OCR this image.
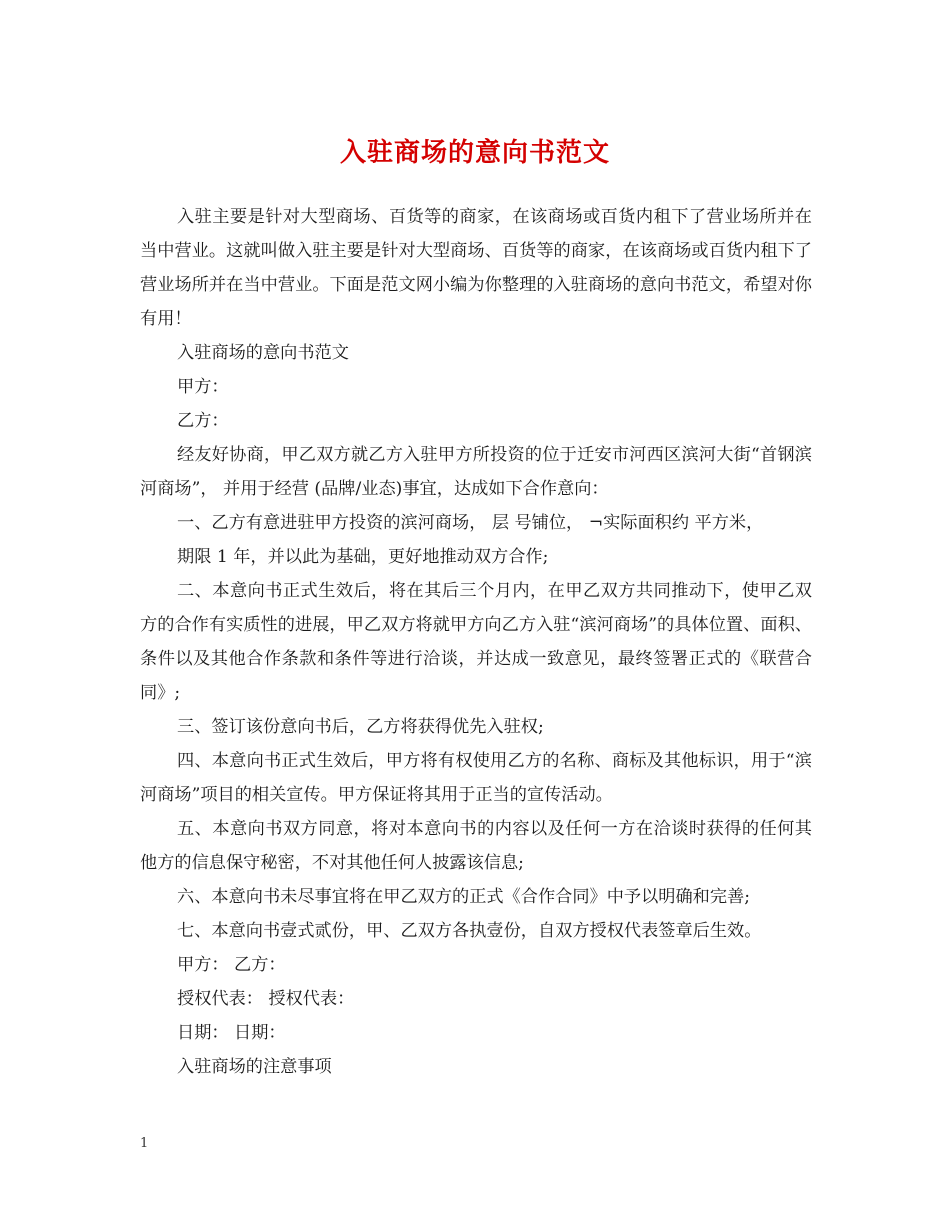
入驻商场的意向书范文

入驻主要是针对大型商场、百货等的商家，在该商场或百货内租下了营业场所并在当中营业。这就叫做入驻主要是针对大型商场、百货等的商家，在该商场或百货内租下了营业场所并在当中营业。下面是范文网小编为你整理的入驻商场的意向书范文，希望对你有用！

入驻商场的意向书范文

甲方：

乙方：

经友好协商，甲乙双方就乙方入驻甲方所投资的位于迁安市河西区滨河大街“首钢滨河商场”， 并用于经营 (品牌/业态)事宜，达成如下合作意向：

一、乙方有意进驻甲方投资的滨河商场， 层 号铺位， ¬实际面积约 平方米，

期限 1 年，并以此为基础，更好地推动双方合作;

二、本意向书正式生效后，将在其后三个月内，在甲乙双方共同推动下，使甲乙双方的合作有实质性的进展，甲乙双方将就甲方向乙方入驻“滨河商场”的具体位置、面积、条件以及其他合作条款和条件等进行洽谈，并达成一致意见，最终签署正式的《联营合同》;

三、签订该份意向书后，乙方将获得优先入驻权;

四、本意向书正式生效后，甲方将有权使用乙方的名称、商标及其他标识，用于“滨河商场”项目的相关宣传。甲方保证将其用于正当的宣传活动。

五、本意向书双方同意，将对本意向书的内容以及任何一方在洽谈时获得的任何其他方的信息保守秘密，不对其他任何人披露该信息;

六、本意向书未尽事宜将在甲乙双方的正式《合作合同》中予以明确和完善;

七、本意向书壹式贰份，甲、乙双方各执壹份，自双方授权代表签章后生效。

甲方： 乙方：

授权代表： 授权代表：

日期： 日期：

入驻商场的注意事项

1
